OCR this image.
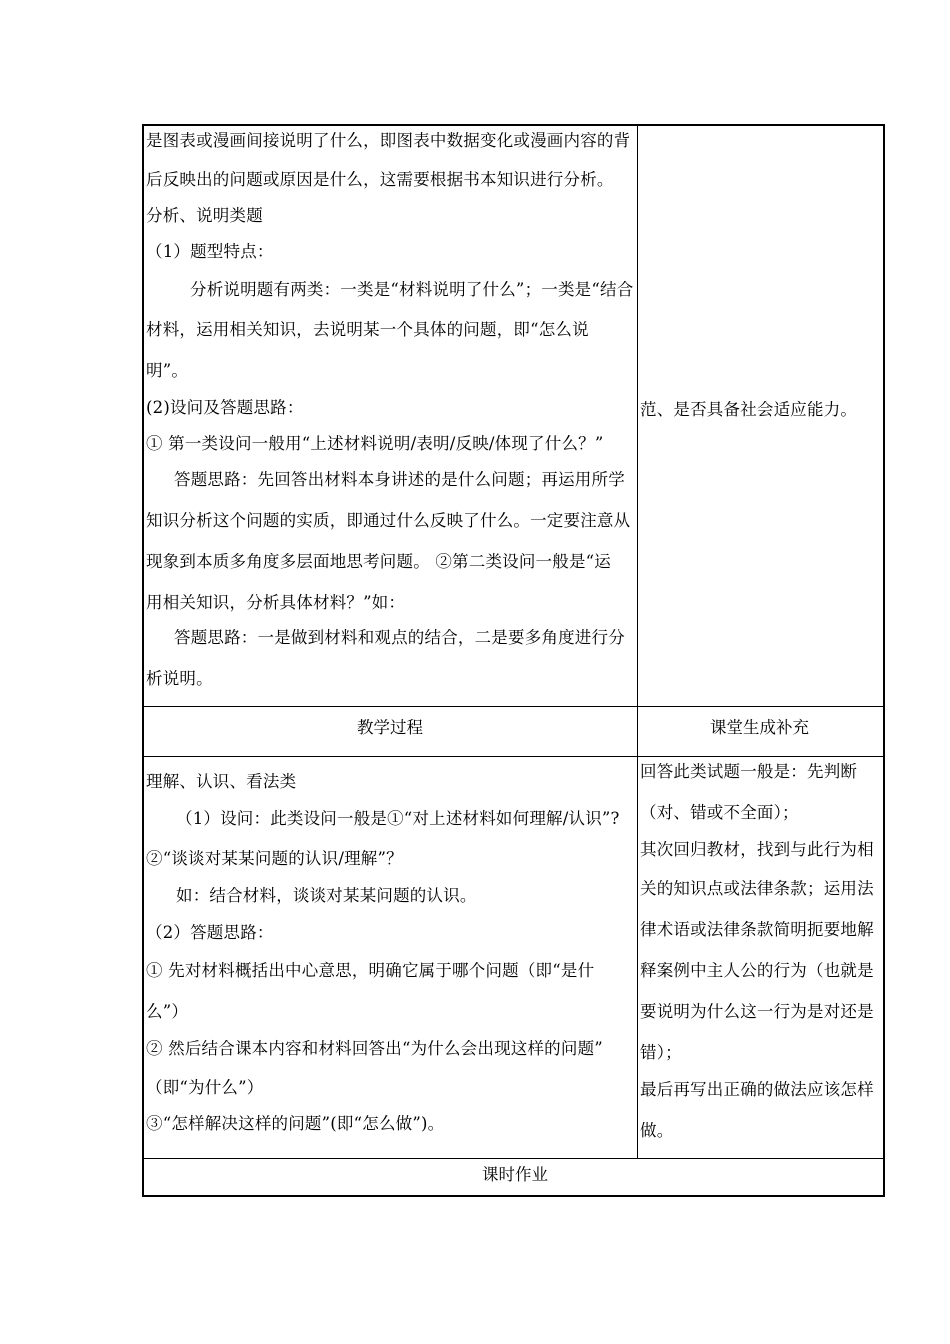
是图表或漫画间接说明了什么，即图表中数据变化或漫画内容的背
后反映出的问题或原因是什么，这需要根据书本知识进行分析。
分析、说明类题
（1）题型特点：
分析说明题有两类：一类是“材料说明了什么”；一类是“结合
材料，运用相关知识，去说明某一个具体的问题，即“怎么说
明”。
(2)设问及答题思路：
① 第一类设问一般用“上述材料说明/表明/反映/体现了什么？”
答题思路：先回答出材料本身讲述的是什么问题；再运用所学
知识分析这个问题的实质，即通过什么反映了什么。一定要注意从
现象到本质多角度多层面地思考问题。 ②第二类设问一般是“运
用相关知识，分析具体材料？”如：
答题思路：一是做到材料和观点的结合，二是要多角度进行分
析说明。
范、是否具备社会适应能力。
教学过程	课堂生成补充
理解、认识、看法类
（1）设问：此类设问一般是①“对上述材料如何理解/认识”?
②“谈谈对某某问题的认识/理解”？
如：结合材料，谈谈对某某问题的认识。
（2）答题思路：
① 先对材料概括出中心意思，明确它属于哪个问题（即“是什
么”）
② 然后结合课本内容和材料回答出“为什么会出现这样的问题”
（即“为什么”）
③“怎样解决这样的问题”(即“怎么做”)。
回答此类试题一般是：先判断
（对、错或不全面）；
其次回归教材，找到与此行为相
关的知识点或法律条款；运用法
律术语或法律条款简明扼要地解
释案例中主人公的行为（也就是
要说明为什么这一行为是对还是
错）；
最后再写出正确的做法应该怎样
做。
课时作业
